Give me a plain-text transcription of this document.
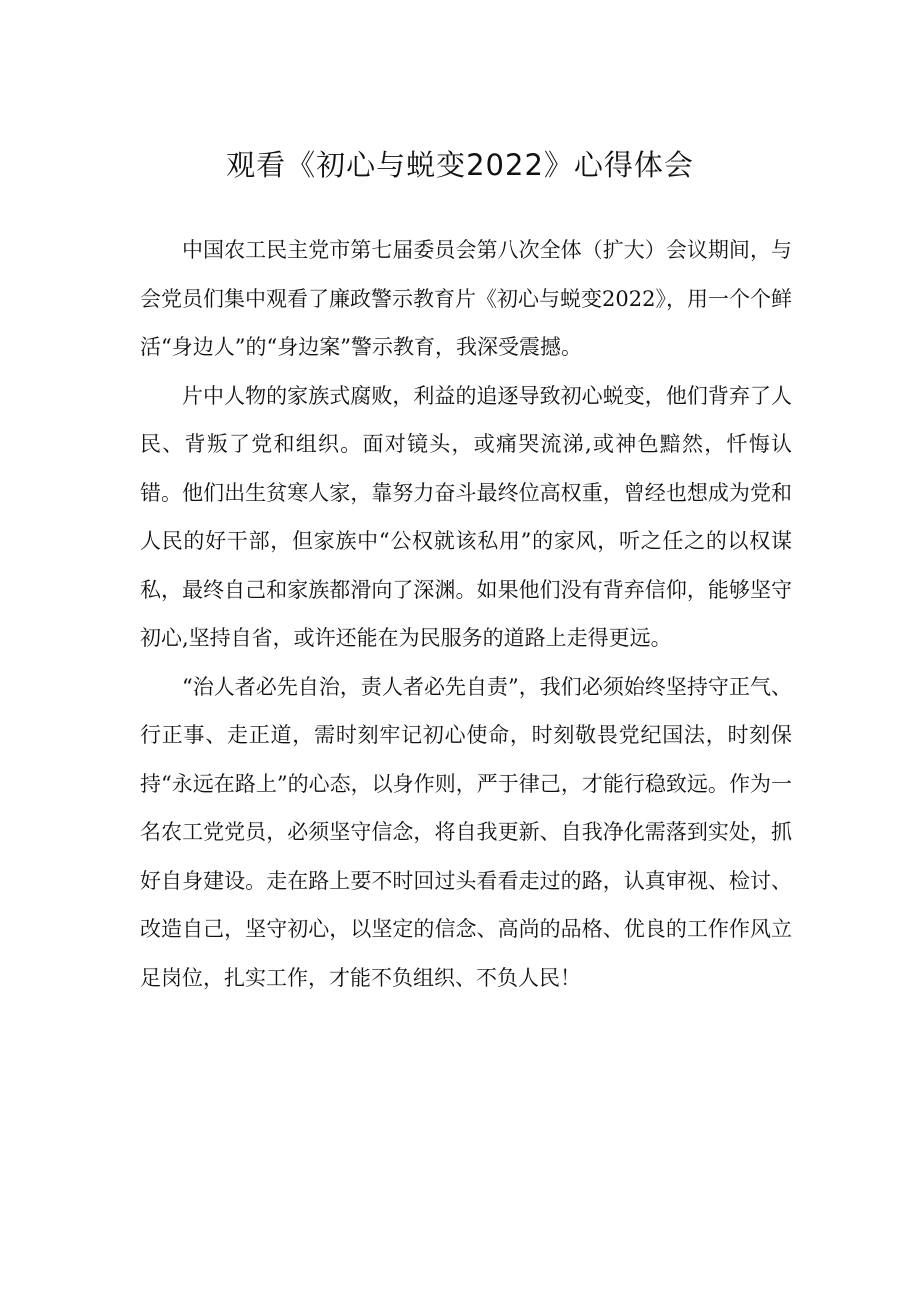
观看《初心与蜕变2022》心得体会

中国农工民主党市第七届委员会第八次全体（扩大）会议期间，与会党员们集中观看了廉政警示教育片《初心与蜕变2022》，用一个个鲜活“身边人”的“身边案”警示教育，我深受震撼。

片中人物的家族式腐败，利益的追逐导致初心蜕变，他们背弃了人民、背叛了党和组织。面对镜头，或痛哭流涕,或神色黯然，忏悔认错。他们出生贫寒人家，靠努力奋斗最终位高权重，曾经也想成为党和人民的好干部，但家族中“公权就该私用”的家风，听之任之的以权谋私，最终自己和家族都滑向了深渊。如果他们没有背弃信仰，能够坚守初心,坚持自省，或许还能在为民服务的道路上走得更远。

“治人者必先自治，责人者必先自责”，我们必须始终坚持守正气、行正事、走正道，需时刻牢记初心使命，时刻敬畏党纪国法，时刻保持“永远在路上”的心态，以身作则，严于律己，才能行稳致远。作为一名农工党党员，必须坚守信念，将自我更新、自我净化需落到实处，抓好自身建设。走在路上要不时回过头看看走过的路，认真审视、检讨、改造自己，坚守初心，以坚定的信念、高尚的品格、优良的工作作风立足岗位，扎实工作，才能不负组织、不负人民！
